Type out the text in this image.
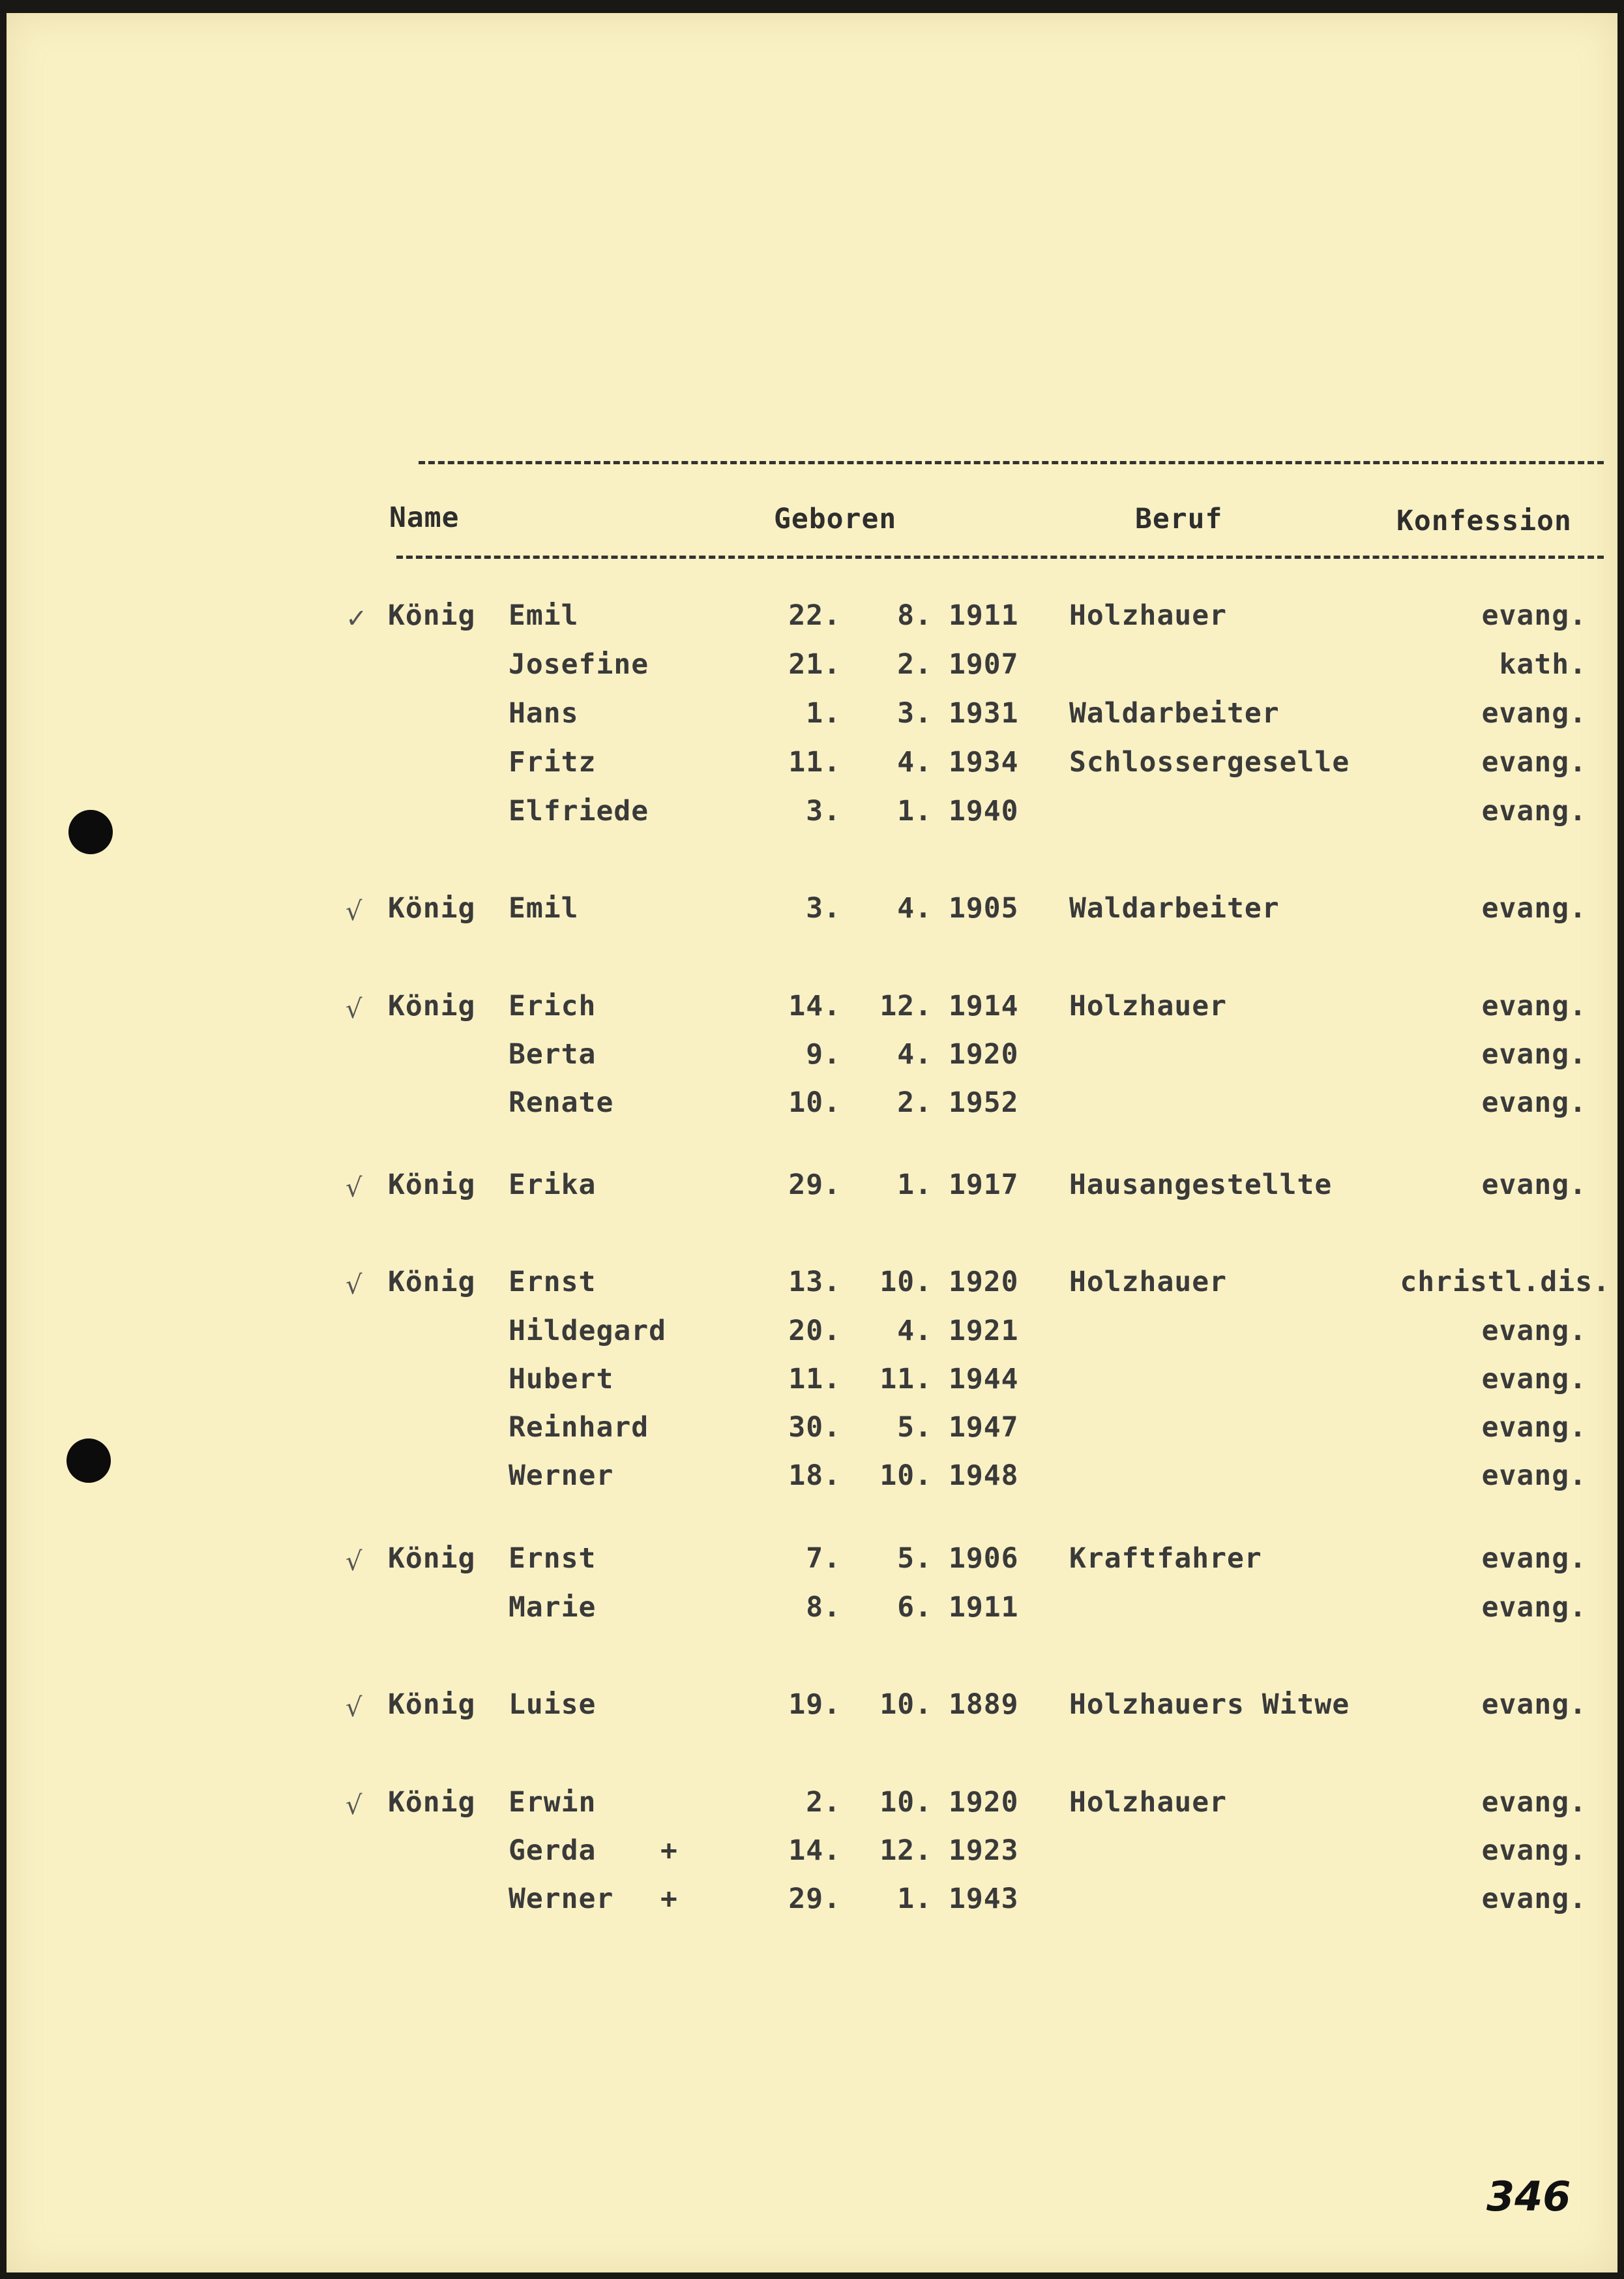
Name	Geboren	Beruf	Konfession
✓ König Emil	22.	8. 1911 Holzhauer	evang.
Josefine	21.	2. 1907	kath.
Hans	1.	3. 1931 Waldarbeiter	evang.
Fritz	11.	4. 1934 Schlossergeselle	evang.
Elfriede	3.	1. 1940	evang.
√ König Emil	3.	4. 1905 Waldarbeiter	evang.
√ König Erich	14.	12. 1914 Holzhauer	evang.
Berta	9.	4. 1920	evang.
Renate	10.	2. 1952	evang.
√ König Erika	29.	1. 1917 Hausangestellte	evang.
√ König Ernst	13.	10. 1920 Holzhauer	christl.dis.
Hildegard	20.	4. 1921	evang.
Hubert	11.	11. 1944	evang.
Reinhard	30.	5. 1947	evang.
Werner	18.	10. 1948	evang.
√ König Ernst	7.	5. 1906 Kraftfahrer	evang.
Marie	8.	6. 1911	evang.
√ König Luise	19.	10. 1889 Holzhauers Witwe	evang.
√ König Erwin	2.	10. 1920 Holzhauer	evang.
Gerda +	14.	12. 1923	evang.
Werner +	29.	1. 1943	evang.
346
